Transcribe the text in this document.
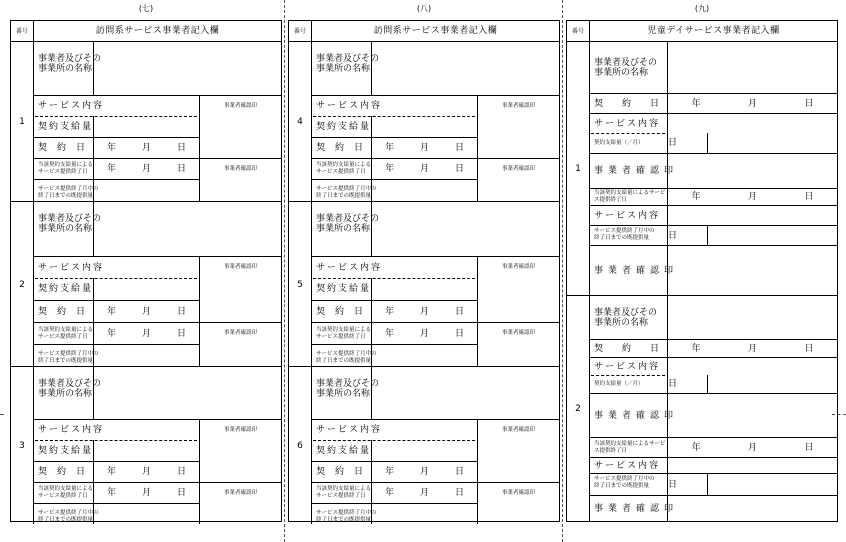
(七)
番号	訪問系サービス事業者記入欄
1
事業者及びその
事業所の名称
サービス内容	事業者確認印
契約支給量
契 約 日 年	月	日
当該契約支給量によるサービス提供終了日	年	月	日	事業者確認印
サービス提供終了月中の
終了日までの既提供量
2
事業者及びその
事業所の名称
サービス内容	事業者確認印
契約支給量
契 約 日 年	月	日
当該契約支給量によるサービス提供終了日	年	月	日	事業者確認印
サービス提供終了月中の
終了日までの既提供量
3
事業者及びその
事業所の名称
サービス内容	事業者確認印
契約支給量
契 約 日 年	月	日
当該契約支給量によるサービス提供終了日	年	月	日	事業者確認印
サービス提供終了月中の
終了日までの既提供量
(八)
番号	訪問系サービス事業者記入欄
4
事業者及びその
事業所の名称
サービス内容	事業者確認印
契約支給量
契 約 日 年	月	日
当該契約支給量によるサービス提供終了日	年	月	日	事業者確認印
サービス提供終了月中の
終了日までの既提供量
5
事業者及びその
事業所の名称
サービス内容	事業者確認印
契約支給量
契 約 日 年	月	日
当該契約支給量によるサービス提供終了日	年	月	日	事業者確認印
サービス提供終了月中の
終了日までの既提供量
6
事業者及びその
事業所の名称
サービス内容	事業者確認印
契約支給量
契 約 日 年	月	日
当該契約支給量によるサービス提供終了日	年	月	日	事業者確認印
サービス提供終了月中の
終了日までの既提供量
(九)
番号	児童デイサービス事業者記入欄
1
事業者及びその
事業所の名称
契 約 日	年	月	日
サービス内容
契約支給量（／月）	日
事業者確認印
当該契約支給量によるサービス提供終了日	年	月	日
サービス内容
サービス提供終了月中の
終了日までの既提供量	日
事業者確認印
2
事業者及びその
事業所の名称
契 約 日	年	月	日
サービス内容
契約支給量（／月）	日
事業者確認印
当該契約支給量によるサービス提供終了日	年	月	日
サービス内容
サービス提供終了月中の
終了日までの既提供量	日
事業者確認印
